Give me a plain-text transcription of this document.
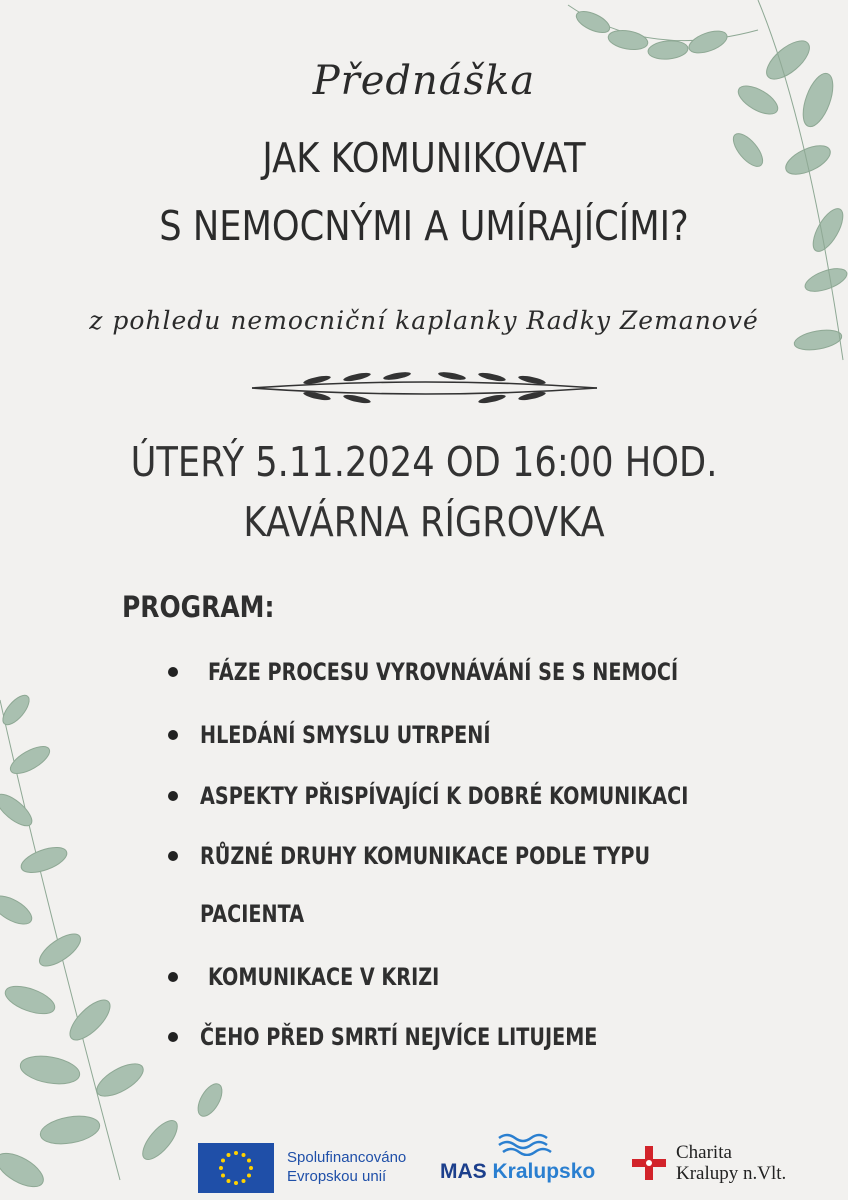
Přednáška
JAK KOMUNIKOVAT
S NEMOCNÝMI A UMÍRAJÍCÍMI?
z pohledu nemocniční kaplanky Radky Zemanové
ÚTERÝ 5.11.2024 OD 16:00 HOD.
KAVÁRNA RÍGROVKA
PROGRAM:
FÁZE PROCESU VYROVNÁVÁNÍ SE S NEMOCÍ
HLEDÁNÍ SMYSLU UTRPENÍ
ASPEKTY PŘISPÍVAJÍCÍ K DOBRÉ KOMUNIKACI
RŮZNÉ DRUHY KOMUNIKACE PODLE TYPU
PACIENTA
KOMUNIKACE V KRIZI
ČEHO PŘED SMRTÍ NEJVÍCE LITUJEME
Spolufinancováno
Evropskou unií	MAS Kralupsko
Charita
Kralupy n.Vlt.
